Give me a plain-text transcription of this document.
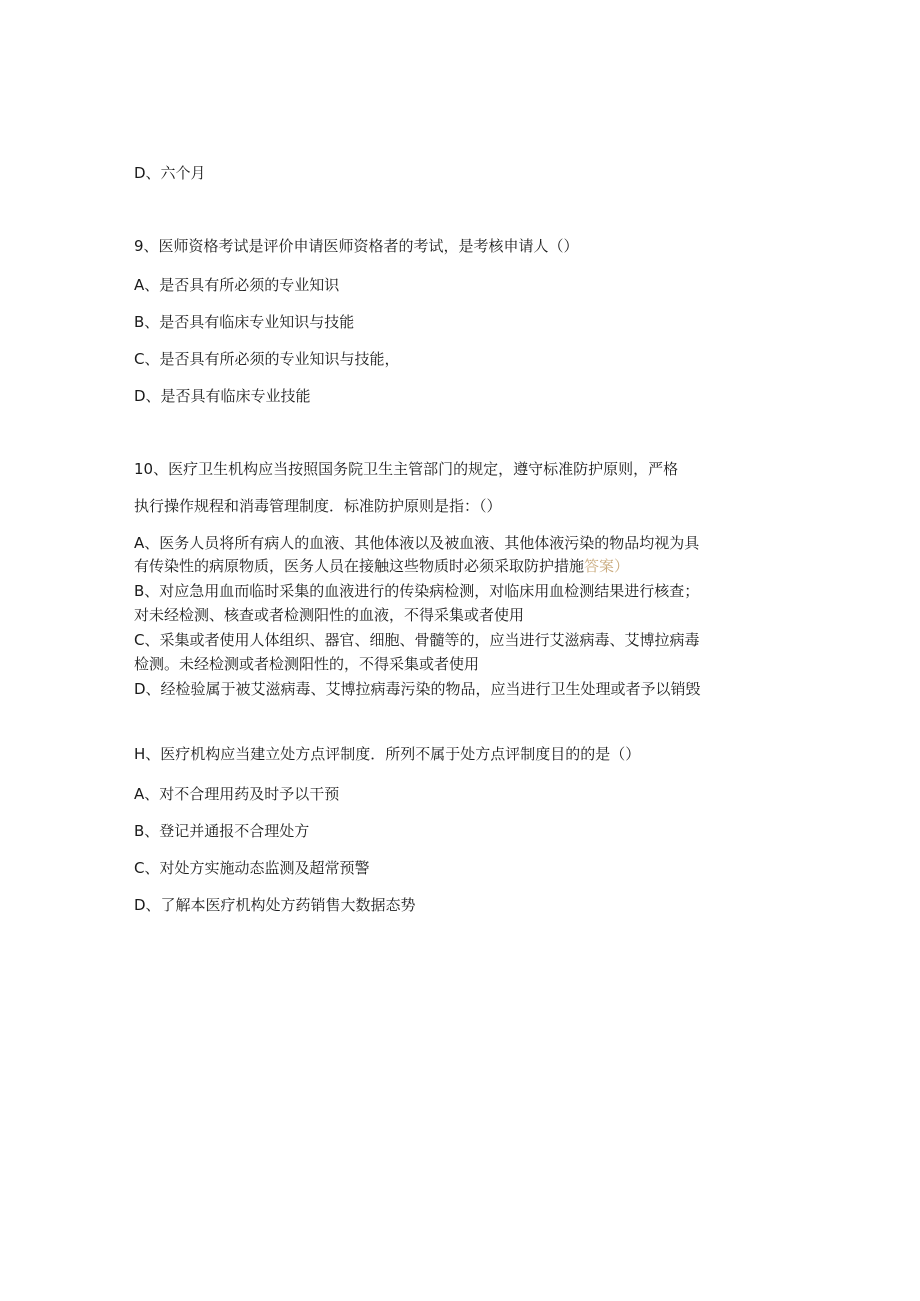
D、六个月
9、医师资格考试是评价申请医师资格者的考试，是考核申请人（）
A、是否具有所必须的专业知识
B、是否具有临床专业知识与技能
C、是否具有所必须的专业知识与技能，
D、是否具有临床专业技能
10、医疗卫生机构应当按照国务院卫生主管部门的规定，遵守标准防护原则，严格
执行操作规程和消毒管理制度．标准防护原则是指：（）
A、医务人员将所有病人的血液、其他体液以及被血液、其他体液污染的物品均视为具
有传染性的病原物质，医务人员在接触这些物质时必须采取防护措施答案）
B、对应急用血而临时采集的血液进行的传染病检测，对临床用血检测结果进行核查；
对未经检测、核查或者检测阳性的血液，不得采集或者使用
C、采集或者使用人体组织、器官、细胞、骨髓等的，应当进行艾滋病毒、艾博拉病毒
检测。未经检测或者检测阳性的，不得采集或者使用
D、经检验属于被艾滋病毒、艾博拉病毒污染的物品，应当进行卫生处理或者予以销毁
H、医疗机构应当建立处方点评制度．所列不属于处方点评制度目的的是（）
A、对不合理用药及时予以干预
B、登记并通报不合理处方
C、对处方实施动态监测及超常预警
D、了解本医疗机构处方药销售大数据态势
